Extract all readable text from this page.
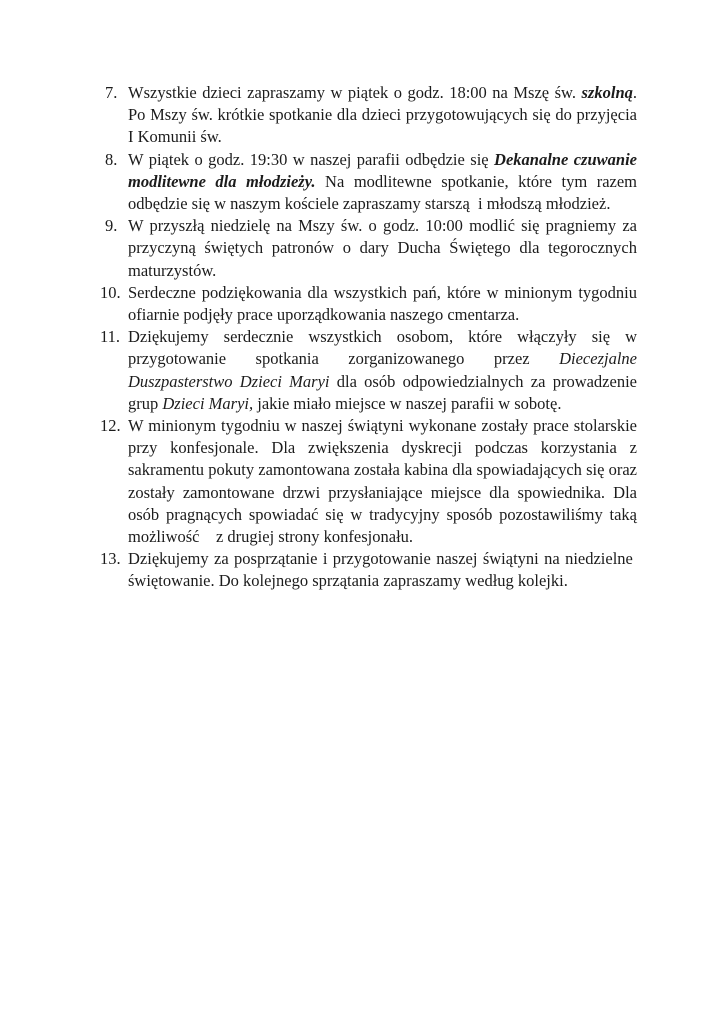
7. Wszystkie dzieci zapraszamy w piątek o godz. 18:00 na Mszę św. szkolną. Po Mszy św. krótkie spotkanie dla dzieci przygotowujących się do przyjęcia I Komunii św.
8. W piątek o godz. 19:30 w naszej parafii odbędzie się Dekanalne czuwanie modlitewne dla młodzieży. Na modlitewne spotkanie, które tym razem odbędzie się w naszym kościele zapraszamy starszą  i młodszą młodzież.
9. W przyszłą niedzielę na Mszy św. o godz. 10:00 modlić się pragniemy za przyczyną świętych patronów o dary Ducha Świętego dla tegorocznych maturzystów.
10. Serdeczne podziękowania dla wszystkich pań, które w minionym tygodniu ofiarnie podjęły prace uporządkowania naszego cmentarza.
11. Dziękujemy serdecznie wszystkich osobom, które włączyły się w przygotowanie spotkania zorganizowanego przez Diecezjalne Duszpasterstwo Dzieci Maryi dla osób odpowiedzialnych za prowadzenie grup Dzieci Maryi, jakie miało miejsce w naszej parafii w sobotę.
12. W minionym tygodniu w naszej świątyni wykonane zostały prace stolarskie przy konfesjonale. Dla zwiększenia dyskrecji podczas korzystania z sakramentu pokuty zamontowana została kabina dla spowiadających się oraz zostały zamontowane drzwi przysłaniające miejsce dla spowiednika. Dla osób pragnących spowiadać się w tradycyjny sposób pozostawiliśmy taką możliwość    z drugiej strony konfesjonału.
13. Dziękujemy za posprzątanie i przygotowanie naszej świątyni na niedzielne  świętowanie. Do kolejnego sprzątania zapraszamy według kolejki.
